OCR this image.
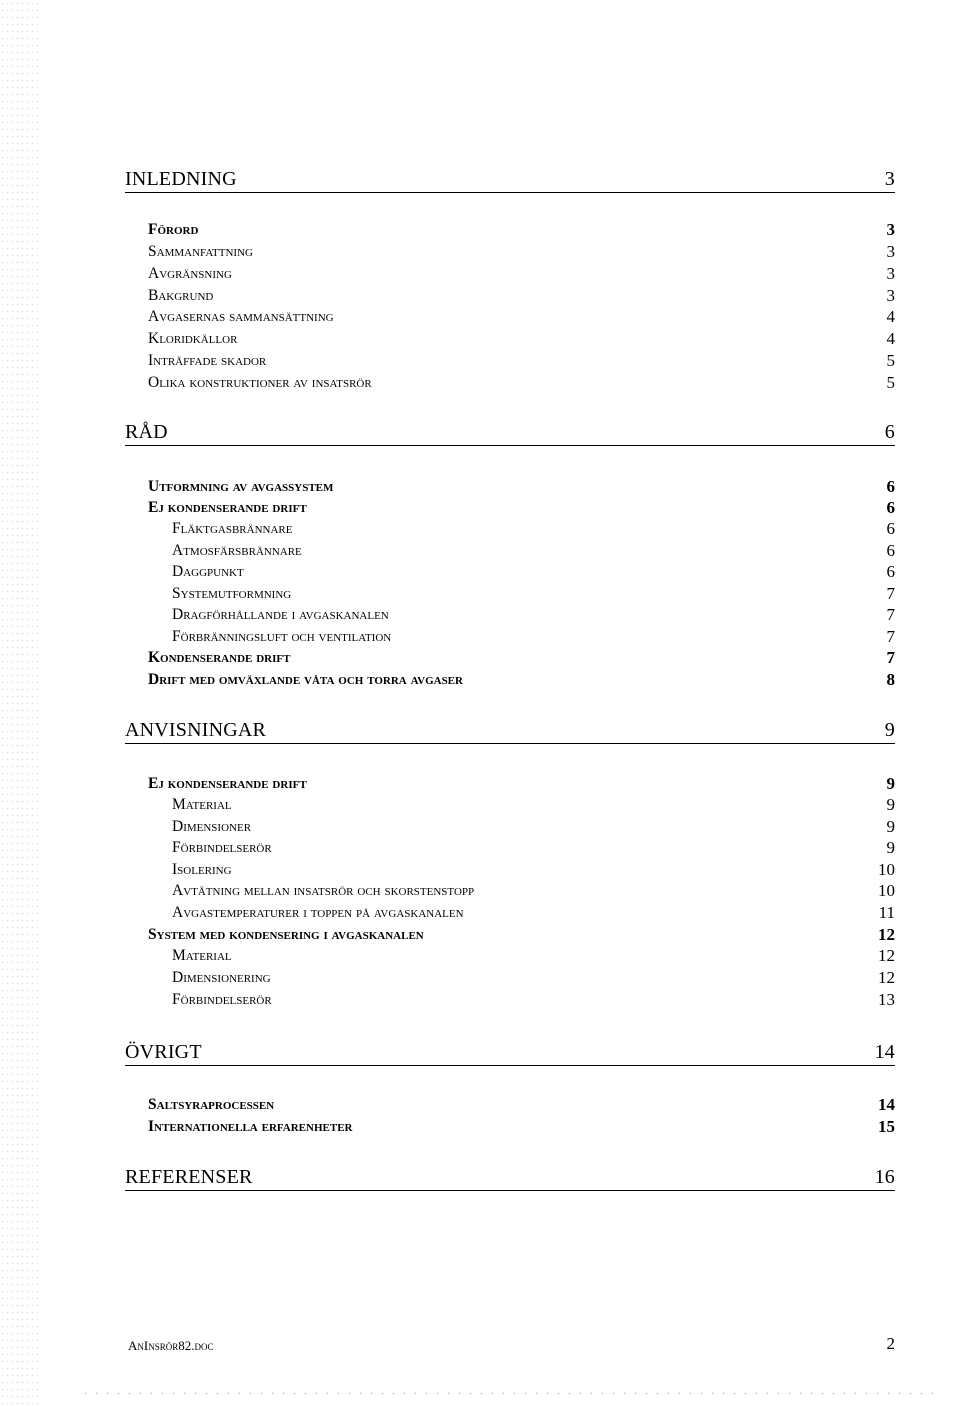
INLEDNING	3
Förord	3
Sammanfattning	3
Avgränsning	3
Bakgrund	3
Avgasernas sammansättning	4
Kloridkällor	4
Inträffade skador	5
Olika konstruktioner av insatsrör	5
RÅD	6
Utformning av avgassystem	6
Ej kondenserande drift	6
Fläktgasbrännare	6
Atmosfärsbrännare	6
Daggpunkt	6
Systemutformning	7
Dragförhållande i avgaskanalen	7
Förbränningsluft och ventilation	7
Kondenserande drift	7
Drift med omväxlande våta och torra avgaser	8
ANVISNINGAR	9
Ej kondenserande drift	9
Material	9
Dimensioner	9
Förbindelserör	9
Isolering	10
Avtätning mellan insatsrör och skorstenstopp	10
Avgastemperaturer i toppen på avgaskanalen	11
System med kondensering i avgaskanalen	12
Material	12
Dimensionering	12
Förbindelserör	13
ÖVRIGT	14
Saltsyraprocessen	14
Internationella erfarenheter	15
REFERENSER	16
AnInsrör82.doc	2
